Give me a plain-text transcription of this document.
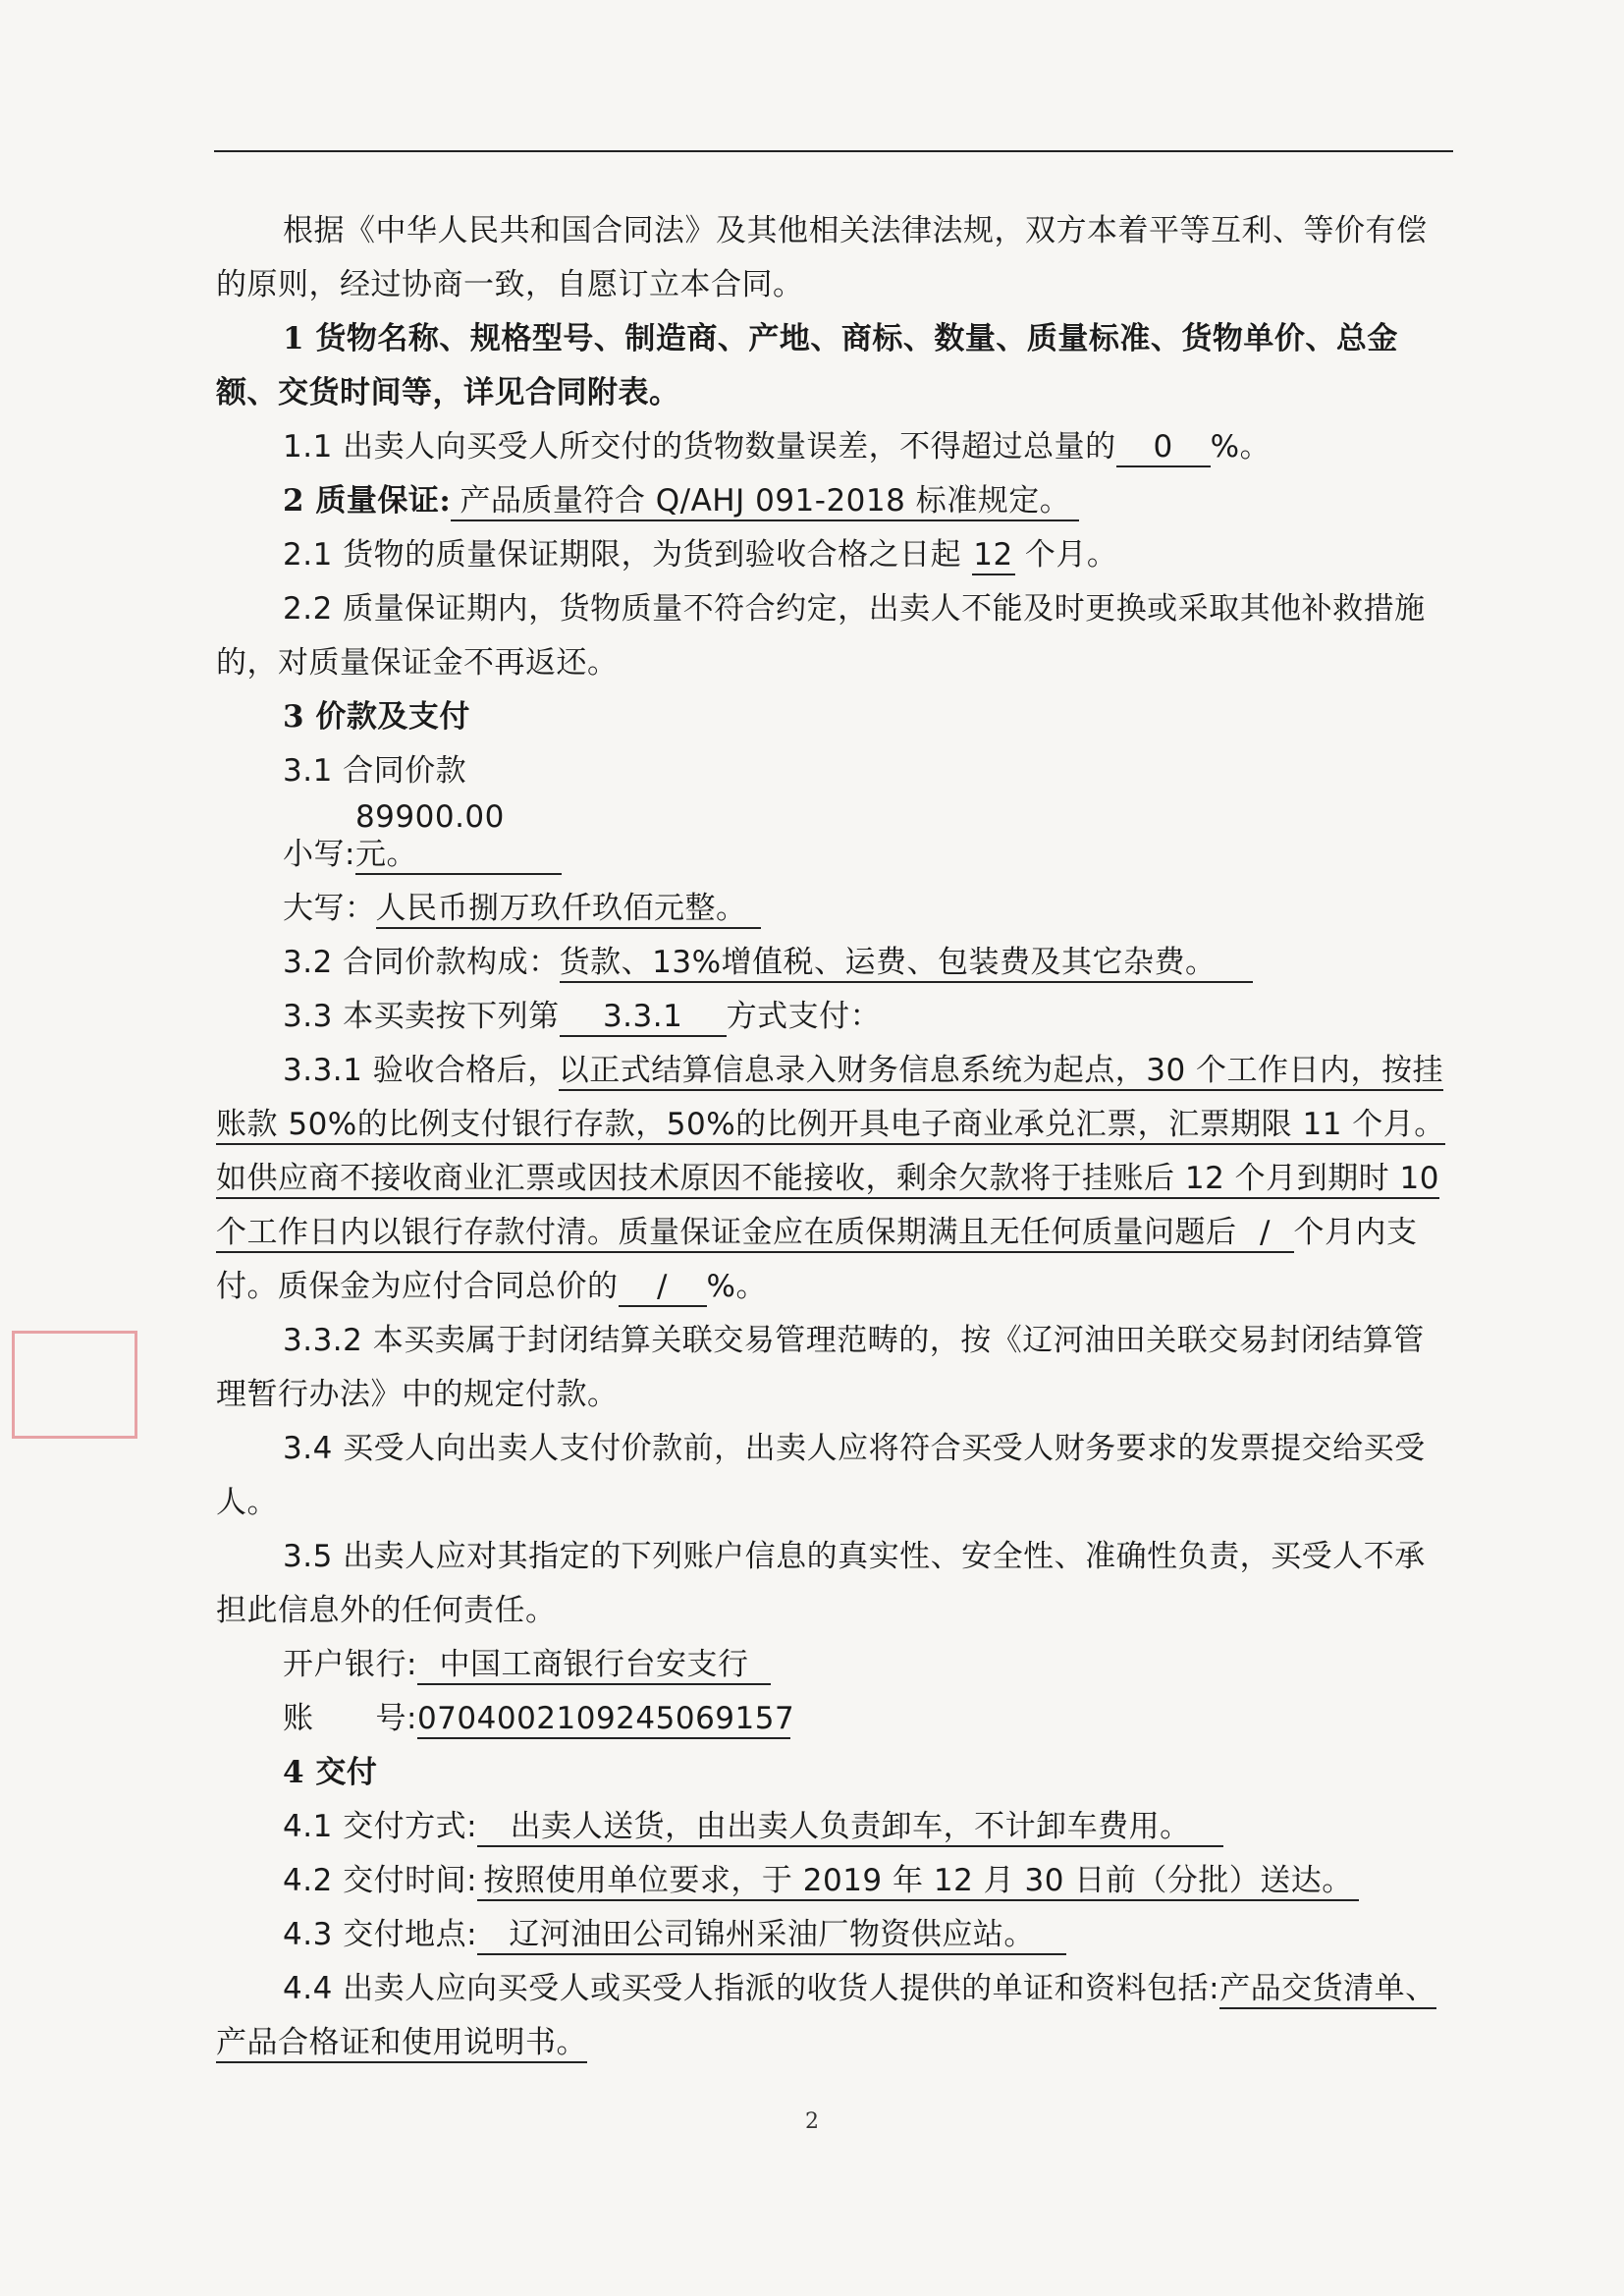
根据《中华人民共和国合同法》及其他相关法律法规，双方本着平等互利、等价有偿的原则，经过协商一致，自愿订立本合同。

1 货物名称、规格型号、制造商、产地、商标、数量、质量标准、货物单价、总金额、交货时间等，详见合同附表。

1.1 出卖人向买受人所交付的货物数量误差，不得超过总量的 0 %。

2 质量保证: 产品质量符合 Q/AHJ 091-2018 标准规定。

2.1 货物的质量保证期限，为货到验收合格之日起 12 个月。

2.2 质量保证期内，货物质量不符合约定，出卖人不能及时更换或采取其他补救措施的，对质量保证金不再返还。

3 价款及支付

3.1 合同价款

小写:89900.00 元。

大写：人民币捌万玖仟玖佰元整。

3.2 合同价款构成：货款、13%增值税、运费、包装费及其它杂费。

3.3 本买卖按下列第 3.3.1 方式支付：

3.3.1 验收合格后，以正式结算信息录入财务信息系统为起点，30 个工作日内，按挂账款 50%的比例支付银行存款，50%的比例开具电子商业承兑汇票，汇票期限 11 个月。如供应商不接收商业汇票或因技术原因不能接收，剩余欠款将于挂账后 12 个月到期时 10 个工作日内以银行存款付清。质量保证金应在质保期满且无任何质量问题后 / 个月内支付。质保金为应付合同总价的 / %。

3.3.2 本买卖属于封闭结算关联交易管理范畴的，按《辽河油田关联交易封闭结算管理暂行办法》中的规定付款。

3.4 买受人向出卖人支付价款前，出卖人应将符合买受人财务要求的发票提交给买受人。

3.5 出卖人应对其指定的下列账户信息的真实性、安全性、准确性负责，买受人不承担此信息外的任何责任。

开户银行: 中国工商银行台安支行

账　　号:0704002109245069157

4 交付

4.1 交付方式: 出卖人送货，由出卖人负责卸车，不计卸车费用。

4.2 交付时间: 按照使用单位要求，于 2019 年 12 月 30 日前（分批）送达。

4.3 交付地点: 辽河油田公司锦州采油厂物资供应站。

4.4 出卖人应向买受人或买受人指派的收货人提供的单证和资料包括:产品交货清单、产品合格证和使用说明书。

2
